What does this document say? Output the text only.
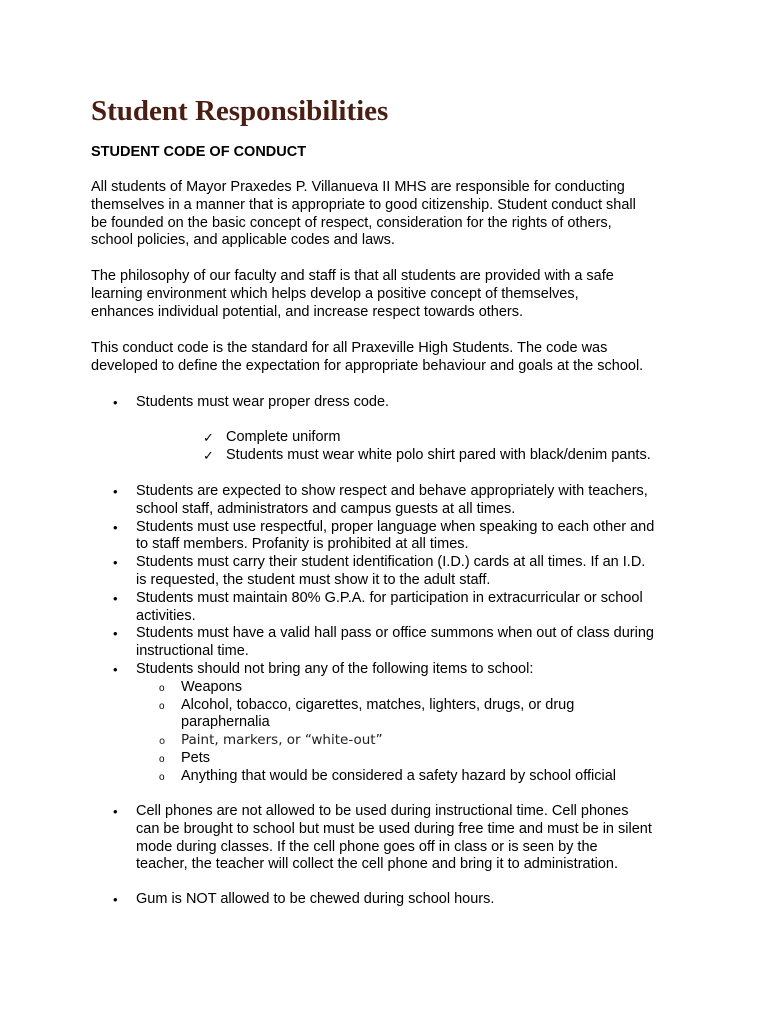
Student Responsibilities
STUDENT CODE OF CONDUCT

All students of Mayor Praxedes P. Villanueva II MHS are responsible for conducting
themselves in a manner that is appropriate to good citizenship. Student conduct shall
be founded on the basic concept of respect, consideration for the rights of others,
school policies, and applicable codes and laws.

The philosophy of our faculty and staff is that all students are provided with a safe
learning environment which helps develop a positive concept of themselves,
enhances individual potential, and increase respect towards others.

This conduct code is the standard for all Praxeville High Students. The code was
developed to define the expectation for appropriate behaviour and goals at the school.

• Students must wear proper dress code.
✓ Complete uniform
✓ Students must wear white polo shirt pared with black/denim pants.
• Students are expected to show respect and behave appropriately with teachers,
school staff, administrators and campus guests at all times.
• Students must use respectful, proper language when speaking to each other and
to staff members. Profanity is prohibited at all times.
• Students must carry their student identification (I.D.) cards at all times. If an I.D.
is requested, the student must show it to the adult staff.
• Students must maintain 80% G.P.A. for participation in extracurricular or school
activities.
• Students must have a valid hall pass or office summons when out of class during
instructional time.
• Students should not bring any of the following items to school:
o Weapons
o Alcohol, tobacco, cigarettes, matches, lighters, drugs, or drug
paraphernalia
o Paint, markers, or “white-out”
o Pets
o Anything that would be considered a safety hazard by school official
• Cell phones are not allowed to be used during instructional time. Cell phones
can be brought to school but must be used during free time and must be in silent
mode during classes. If the cell phone goes off in class or is seen by the
teacher, the teacher will collect the cell phone and bring it to administration.
• Gum is NOT allowed to be chewed during school hours.
